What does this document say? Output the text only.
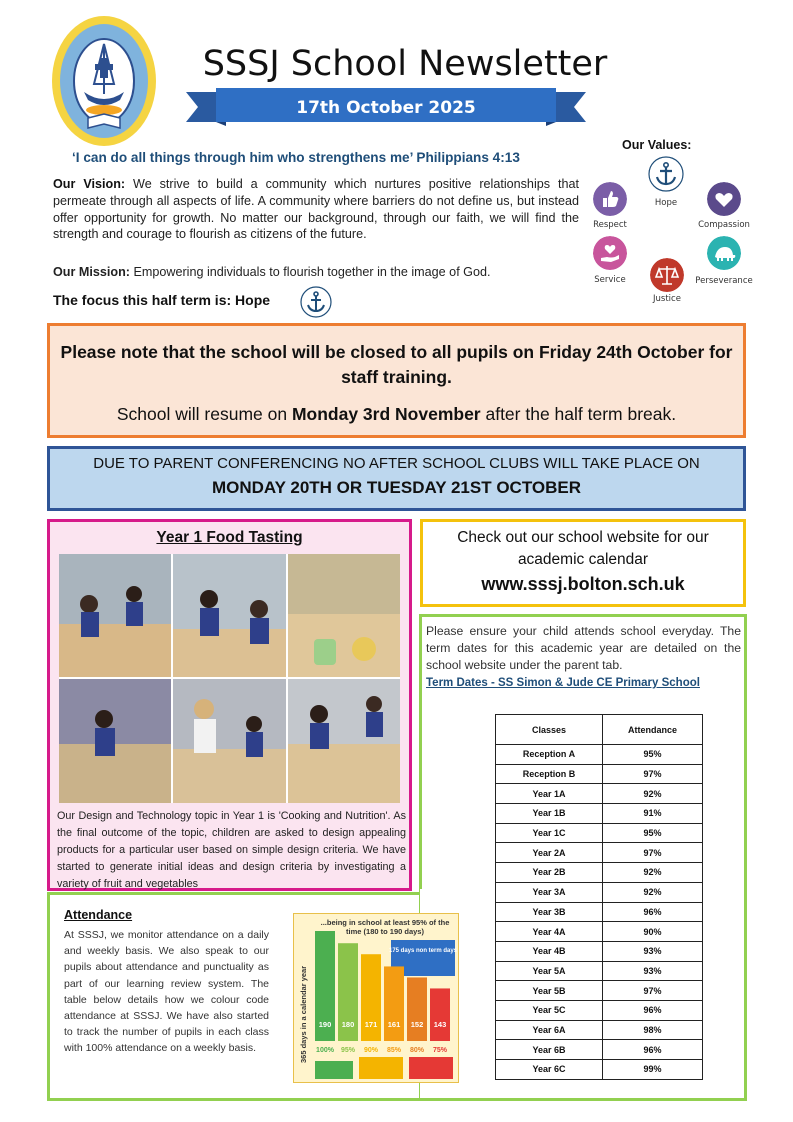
SSSJ School Newsletter
17th October 2025
‘I can do all things through him who strengthens me’ Philippians 4:13
Our Vision: We strive to build a community which nurtures positive relationships that permeate through all aspects of life. A community where barriers do not define us, but instead offer opportunity for growth. No matter our background, through our faith, we will find the strength and courage to flourish as citizens of the future.
Our Mission: Empowering individuals to flourish together in the image of God.
The focus this half term is: Hope
Our Values:
Hope
Respect	Compassion
Service
Justice
Perseverance
Please note that the school will be closed to all pupils on Friday 24th October for staff training.
School will resume on Monday 3rd November after the half term break.
DUE TO PARENT CONFERENCING NO AFTER SCHOOL CLUBS WILL TAKE PLACE ON
MONDAY 20TH OR TUESDAY 21ST OCTOBER
Year 1 Food Tasting
Our Design and Technology topic in Year 1 is 'Cooking and Nutrition'. As the final outcome of the topic, children are asked to design appealing products for a particular user based on simple design criteria. We have started to generate initial ideas and design criteria by investigating a variety of fruit and vegetables
Check out our school website for our academic calendar
www.sssj.bolton.sch.uk
Please ensure your child attends school everyday. The term dates for this academic year are detailed on the school website under the parent tab.
Term Dates - SS Simon & Jude CE Primary School
Classes	Attendance
Reception A	95%
Reception B	97%
Year 1A	92%
Year 1B	91%
Year 1C	95%
Year 2A	97%
Year 2B	92%
Year 3A	92%
Year 3B	96%
Year 4A	90%
Year 4B	93%
Year 5A	93%
Year 5B	97%
Year 5C	96%
Year 6A	98%
Year 6B	96%
Year 6C	99%
Attendance
At SSSJ, we monitor attendance on a daily and weekly basis. We also speak to our pupils about attendance and punctuality as part of our learning review system. The table below details how we colour code attendance at SSSJ. We have also started to track the number of pupils in each class with 100% attendance on a weekly basis.
...being in school at least 95% of the
time (180 to 190 days)
365 days in a calendar year
175 days non term days
190
100%
180
95%
171
90%
161
85%
152
80%
143
75%
